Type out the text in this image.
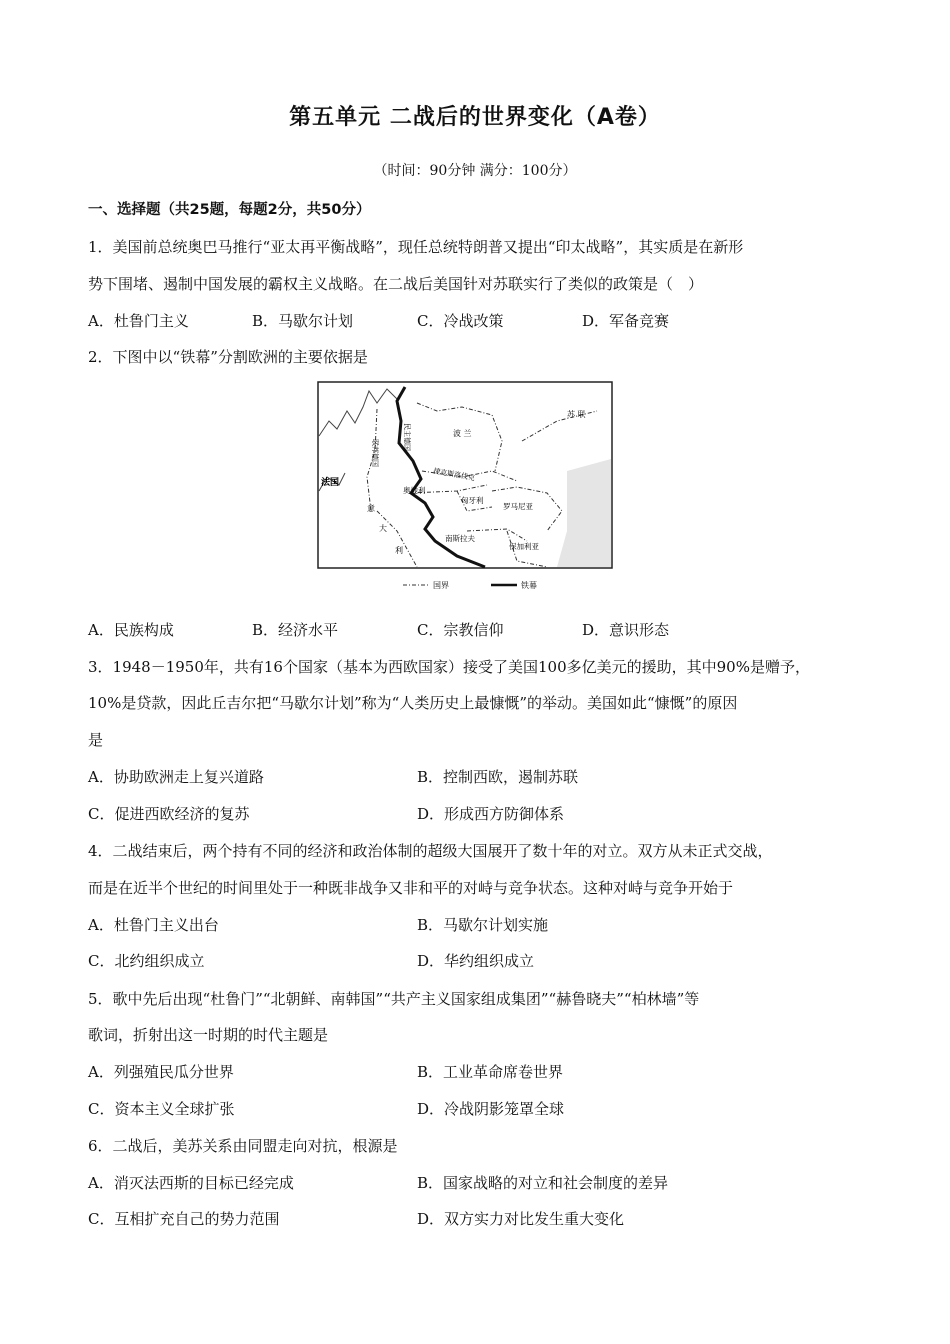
第五单元 二战后的世界变化（A卷）
（时间：90分钟 满分：100分）
一、选择题（共25题，每题2分，共50分）
1．美国前总统奥巴马推行“亚太再平衡战略”，现任总统特朗普又提出“印太战略”，其实质是在新形
势下围堵、遏制中国发展的霸权主义战略。在二战后美国针对苏联实行了类似的政策是（　）
A．杜鲁门主义	B．马歇尔计划	C．冷战改策	D．军备竞赛
2．下图中以“铁幕”分割欧洲的主要依据是
苏 联
波 兰
民主德国
联邦德国
法国
捷克斯洛伐克
奥地利
匈牙利
罗马尼亚
南斯拉夫
保加利亚
意
大
利
国界	铁幕
A．民族构成	B．经济水平	C．宗教信仰	D．意识形态
3．1948－1950年，共有16个国家（基本为西欧国家）接受了美国100多亿美元的援助，其中90%是赠予，
10%是贷款，因此丘吉尔把“马歇尔计划”称为“人类历史上最慷慨”的举动。美国如此“慷慨”的原因
是
A．协助欧洲走上复兴道路	B．控制西欧，遏制苏联
C．促进西欧经济的复苏	D．形成西方防御体系
4．二战结束后，两个持有不同的经济和政治体制的超级大国展开了数十年的对立。双方从未正式交战，
而是在近半个世纪的时间里处于一种既非战争又非和平的对峙与竞争状态。这种对峙与竞争开始于
A．杜鲁门主义出台	B．马歇尔计划实施
C．北约组织成立	D．华约组织成立
5．歌中先后出现“杜鲁门”“北朝鲜、南韩国”“共产主义国家组成集团”“赫鲁晓夫”“柏林墙”等
歌词，折射出这一时期的时代主题是
A．列强殖民瓜分世界	B．工业革命席卷世界
C．资本主义全球扩张	D．冷战阴影笼罩全球
6．二战后，美苏关系由同盟走向对抗，根源是
A．消灭法西斯的目标已经完成	B．国家战略的对立和社会制度的差异
C．互相扩充自己的势力范围	D．双方实力对比发生重大变化
